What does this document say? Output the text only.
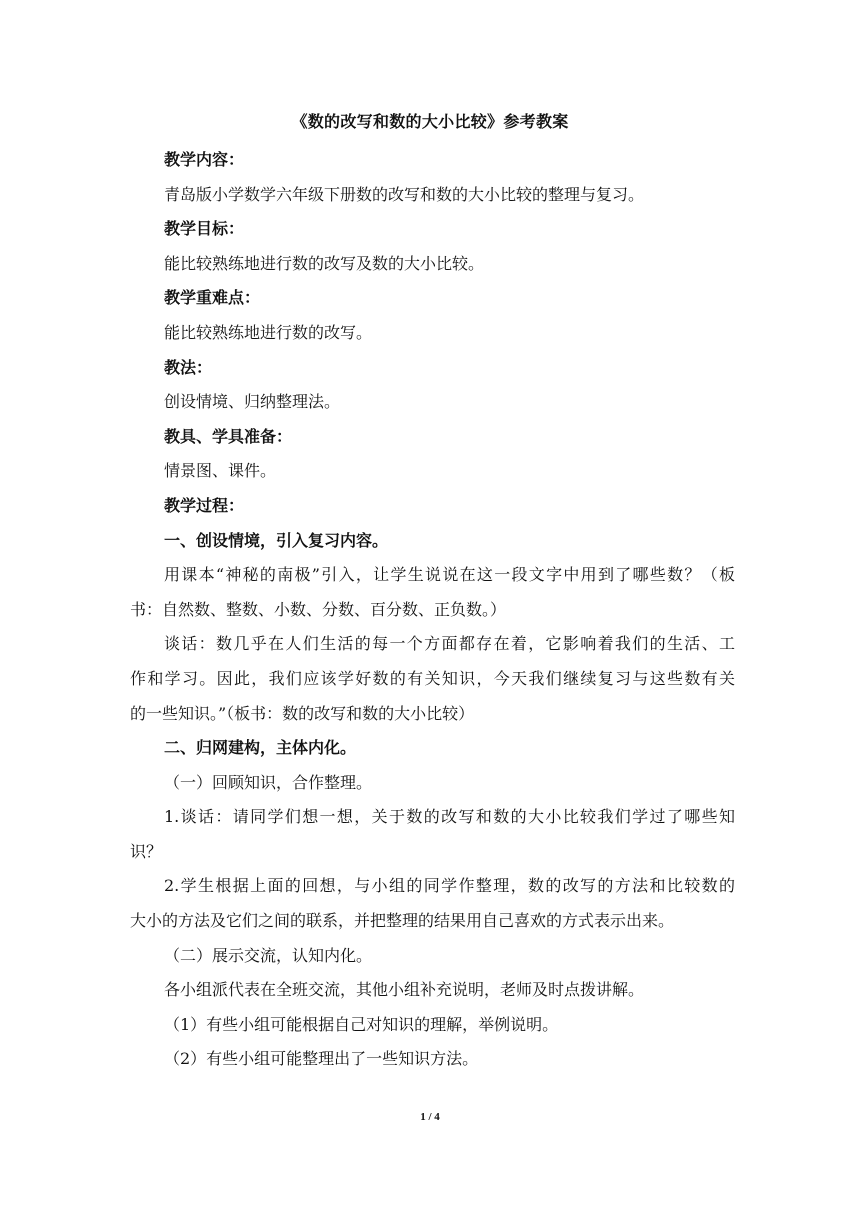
《数的改写和数的大小比较》参考教案
教学内容：
青岛版小学数学六年级下册数的改写和数的大小比较的整理与复习。
教学目标：
能比较熟练地进行数的改写及数的大小比较。
教学重难点：
能比较熟练地进行数的改写。
教法：
创设情境、归纳整理法。
教具、学具准备：
情景图、课件。
教学过程：
一、创设情境，引入复习内容。
用课本“神秘的南极”引入，让学生说说在这一段文字中用到了哪些数？（板
书：自然数、整数、小数、分数、百分数、正负数。）
谈话：数几乎在人们生活的每一个方面都存在着，它影响着我们的生活、工
作和学习。因此，我们应该学好数的有关知识，今天我们继续复习与这些数有关
的一些知识。”（板书：数的改写和数的大小比较）
二、归网建构，主体内化。
（一）回顾知识，合作整理。
1.谈话：请同学们想一想，关于数的改写和数的大小比较我们学过了哪些知
识？
2.学生根据上面的回想，与小组的同学作整理，数的改写的方法和比较数的
大小的方法及它们之间的联系，并把整理的结果用自己喜欢的方式表示出来。
（二）展示交流，认知内化。
各小组派代表在全班交流，其他小组补充说明，老师及时点拨讲解。
（1）有些小组可能根据自己对知识的理解，举例说明。
（2）有些小组可能整理出了一些知识方法。
1 / 4
